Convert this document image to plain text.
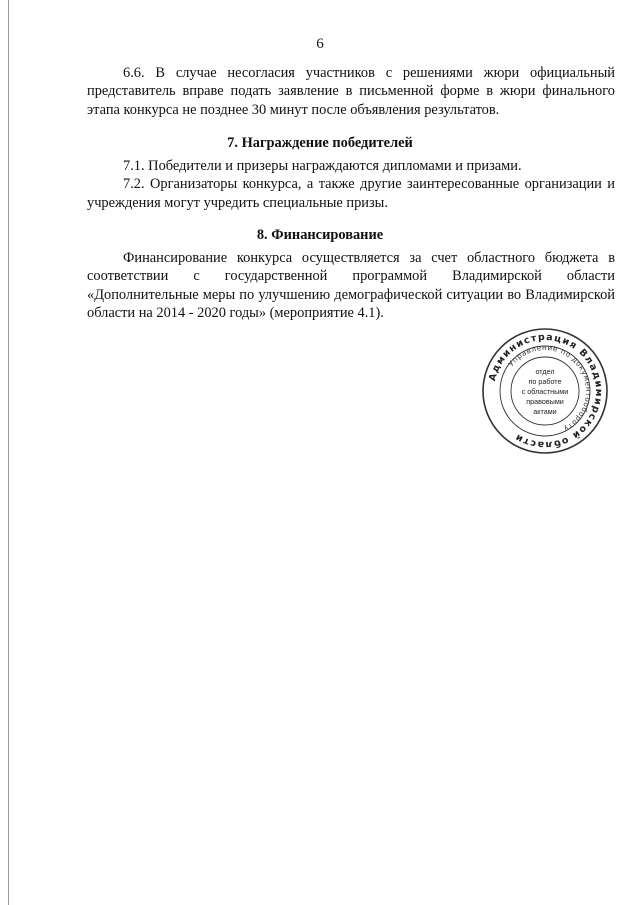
6

6.6. В случае несогласия участников с решениями жюри официальный представитель вправе подать заявление в письменной форме в жюри финального этапа конкурса не позднее 30 минут после объявления результатов.

7. Награждение победителей

7.1. Победители и призеры награждаются дипломами и призами.

7.2. Организаторы конкурса, а также другие заинтересованные организации и учреждения могут учредить специальные призы.

8. Финансирование

Финансирование конкурса осуществляется за счет областного бюджета в соответствии с государственной программой Владимирской области «Дополнительные меры по улучшению демографической ситуации во Владимирской области на 2014 - 2020 годы» (мероприятие 4.1).

Администрация Владимирской области
Управление по документообороту
отдел
по работе
с областными
правовыми
актами
